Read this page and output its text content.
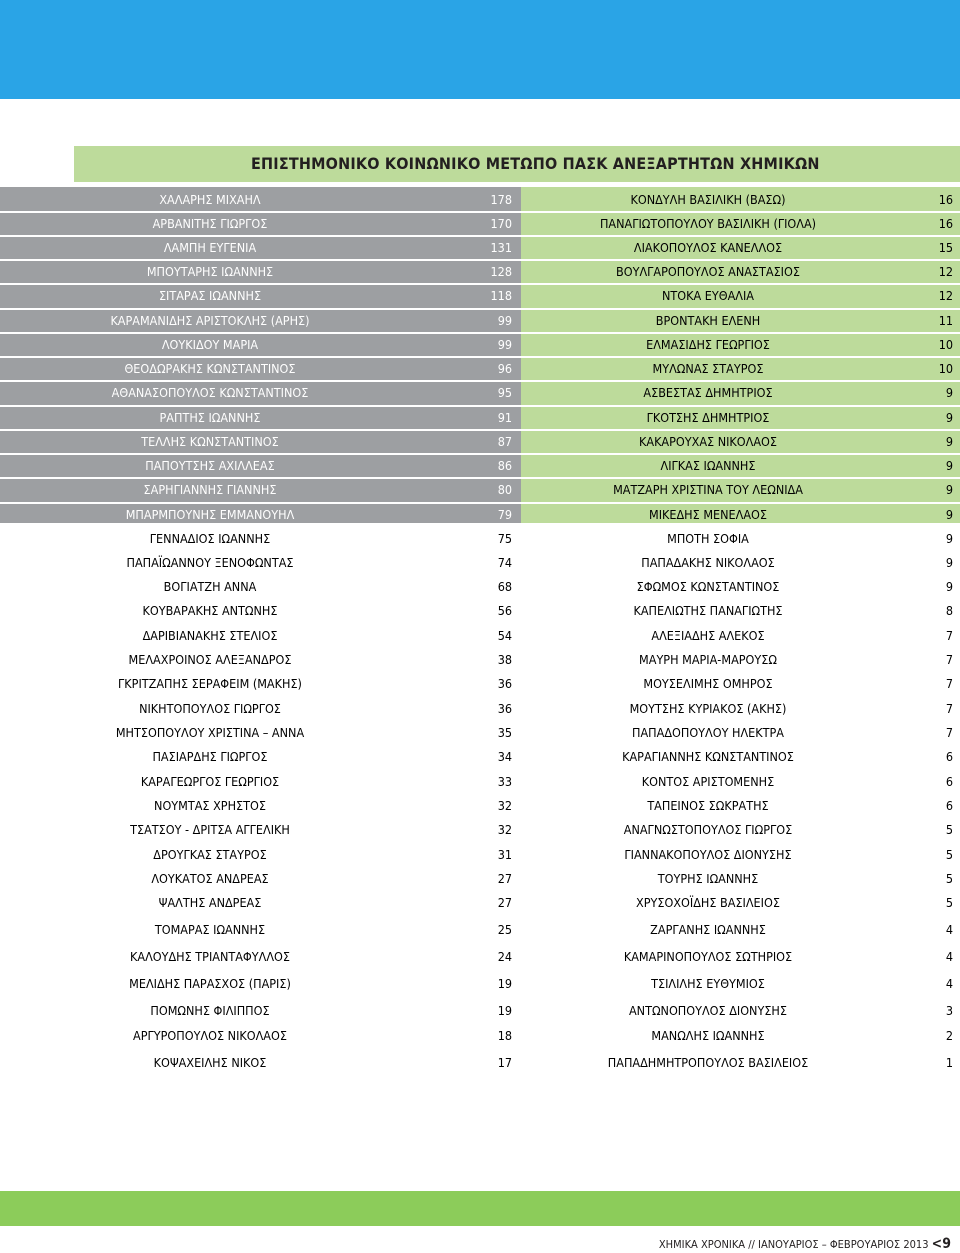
ΕΠΙΣΤΗΜΟΝΙΚΟ ΚΟΙΝΩΝΙΚΟ ΜΕΤΩΠΟ ΠΑΣΚ ΑΝΕΞΑΡΤΗΤΩΝ ΧΗΜΙΚΩΝ
ΧΑΛΑΡΗΣ ΜΙΧΑΗΛ	178	ΚΟΝΔΥΛΗ ΒΑΣΙΛΙΚΗ (ΒΑΣΩ)	16
ΑΡΒΑΝΙΤΗΣ ΓΙΩΡΓΟΣ	170	ΠΑΝΑΓΙΩΤΟΠΟΥΛΟΥ ΒΑΣΙΛΙΚΗ (ΓΙΟΛΑ)	16
ΛΑΜΠΗ ΕΥΓΕΝΙΑ	131	ΛΙΑΚΟΠΟΥΛΟΣ ΚΑΝΕΛΛΟΣ	15
ΜΠΟΥΤΑΡΗΣ ΙΩΑΝΝΗΣ	128	ΒΟΥΛΓΑΡΟΠΟΥΛΟΣ ΑΝΑΣΤΑΣΙΟΣ	12
ΣΙΤΑΡΑΣ ΙΩΑΝΝΗΣ	118	ΝΤΟΚΑ ΕΥΘΑΛΙΑ	12
ΚΑΡΑΜΑΝΙΔΗΣ ΑΡΙΣΤΟΚΛΗΣ (ΑΡΗΣ)	99	ΒΡΟΝΤΑΚΗ ΕΛΕΝΗ	11
ΛΟΥΚΙΔΟΥ ΜΑΡΙΑ	99	ΕΛΜΑΣΙΔΗΣ ΓΕΩΡΓΙΟΣ	10
ΘΕΟΔΩΡΑΚΗΣ ΚΩΝΣΤΑΝΤΙΝΟΣ	96	ΜΥΛΩΝΑΣ ΣΤΑΥΡΟΣ	10
ΑΘΑΝΑΣΟΠΟΥΛΟΣ ΚΩΝΣΤΑΝΤΙΝΟΣ	95	ΑΣΒΕΣΤΑΣ ΔΗΜΗΤΡΙΟΣ	9
ΡΑΠΤΗΣ ΙΩΑΝΝΗΣ	91	ΓΚΟΤΣΗΣ ΔΗΜΗΤΡΙΟΣ	9
ΤΕΛΛΗΣ ΚΩΝΣΤΑΝΤΙΝΟΣ	87	ΚΑΚΑΡΟΥΧΑΣ ΝΙΚΟΛΑΟΣ	9
ΠΑΠΟΥΤΣΗΣ ΑΧΙΛΛΕΑΣ	86	ΛΙΓΚΑΣ ΙΩΑΝΝΗΣ	9
ΣΑΡΗΓΙΑΝΝΗΣ ΓΙΑΝΝΗΣ	80	ΜΑΤΖΑΡΗ ΧΡΙΣΤΙΝΑ ΤΟΥ ΛΕΩΝΙΔΑ	9
ΜΠΑΡΜΠΟΥΝΗΣ ΕΜΜΑΝΟΥΗΛ	79	ΜΙΚΕΔΗΣ ΜΕΝΕΛΑΟΣ	9
ΓΕΝΝΑΔΙΟΣ ΙΩΑΝΝΗΣ	75	ΜΠΟΤΗ ΣΟΦΙΑ	9
ΠΑΠΑΪΩΑΝΝΟΥ ΞΕΝΟΦΩΝΤΑΣ	74	ΠΑΠΑΔΑΚΗΣ ΝΙΚΟΛΑΟΣ	9
ΒΟΓΙΑΤΖΗ ΑΝΝΑ	68	ΣΦΩΜΟΣ ΚΩΝΣΤΑΝΤΙΝΟΣ	9
ΚΟΥΒΑΡΑΚΗΣ ΑΝΤΩΝΗΣ	56	ΚΑΠΕΛΙΩΤΗΣ ΠΑΝΑΓΙΩΤΗΣ	8
ΔΑΡΙΒΙΑΝΑΚΗΣ ΣΤΕΛΙΟΣ	54	ΑΛΕΞΙΑΔΗΣ ΑΛΕΚΟΣ	7
ΜΕΛΑΧΡΟΙΝΟΣ ΑΛΕΞΑΝΔΡΟΣ	38	ΜΑΥΡΗ ΜΑΡΙΑ-ΜΑΡΟΥΣΩ	7
ΓΚΡΙΤΖΑΠΗΣ ΣΕΡΑΦΕΙΜ (ΜΑΚΗΣ)	36	ΜΟΥΣΕΛΙΜΗΣ ΟΜΗΡΟΣ	7
ΝΙΚΗΤΟΠΟΥΛΟΣ ΓΙΩΡΓΟΣ	36	ΜΟΥΤΣΗΣ ΚΥΡΙΑΚΟΣ (ΑΚΗΣ)	7
ΜΗΤΣΟΠΟΥΛΟΥ ΧΡΙΣΤΙΝΑ – ΑΝΝΑ	35	ΠΑΠΑΔΟΠΟΥΛΟΥ ΗΛΕΚΤΡΑ	7
ΠΑΣΙΑΡΔΗΣ ΓΙΩΡΓΟΣ	34	ΚΑΡΑΓΙΑΝΝΗΣ ΚΩΝΣΤΑΝΤΙΝΟΣ	6
ΚΑΡΑΓΕΩΡΓΟΣ ΓΕΩΡΓΙΟΣ	33	ΚΟΝΤΟΣ ΑΡΙΣΤΟΜΕΝΗΣ	6
ΝΟΥΜΤΑΣ ΧΡΗΣΤΟΣ	32	ΤΑΠΕΙΝΟΣ ΣΩΚΡΑΤΗΣ	6
ΤΣΑΤΣΟΥ - ΔΡΙΤΣΑ ΑΓΓΕΛΙΚΗ	32	ΑΝΑΓΝΩΣΤΟΠΟΥΛΟΣ ΓΙΩΡΓΟΣ	5
ΔΡΟΥΓΚΑΣ ΣΤΑΥΡΟΣ	31	ΓΙΑΝΝΑΚΟΠΟΥΛΟΣ ΔΙΟΝΥΣΗΣ	5
ΛΟΥΚΑΤΟΣ ΑΝΔΡΕΑΣ	27	ΤΟΥΡΗΣ ΙΩΑΝΝΗΣ	5
ΨΑΛΤΗΣ ΑΝΔΡΕΑΣ	27	ΧΡΥΣΟΧΟΪΔΗΣ ΒΑΣΙΛΕΙΟΣ	5
ΤΟΜΑΡΑΣ ΙΩΑΝΝΗΣ	25	ΖΑΡΓΑΝΗΣ ΙΩΑΝΝΗΣ	4
ΚΑΛΟΥΔΗΣ ΤΡΙΑΝΤΑΦΥΛΛΟΣ	24	ΚΑΜΑΡΙΝΟΠΟΥΛΟΣ ΣΩΤΗΡΙΟΣ	4
ΜΕΛΙΔΗΣ ΠΑΡΑΣΧΟΣ (ΠΑΡΙΣ)	19	ΤΣΙΛΙΛΗΣ ΕΥΘΥΜΙΟΣ	4
ΠΟΜΩΝΗΣ ΦΙΛΙΠΠΟΣ	19	ΑΝΤΩΝΟΠΟΥΛΟΣ ΔΙΟΝΥΣΗΣ	3
ΑΡΓΥΡΟΠΟΥΛΟΣ ΝΙΚΟΛΑΟΣ	18	ΜΑΝΩΛΗΣ ΙΩΑΝΝΗΣ	2
ΚΟΨΑΧΕΙΛΗΣ ΝΙΚΟΣ	17	ΠΑΠΑΔΗΜΗΤΡΟΠΟΥΛΟΣ ΒΑΣΙΛΕΙΟΣ	1
ΧΗΜΙΚΑ ΧΡΟΝΙΚΑ // ΙΑΝΟΥΑΡΙΟΣ – ΦΕΒΡΟΥΑΡΙΟΣ 2013 <9
